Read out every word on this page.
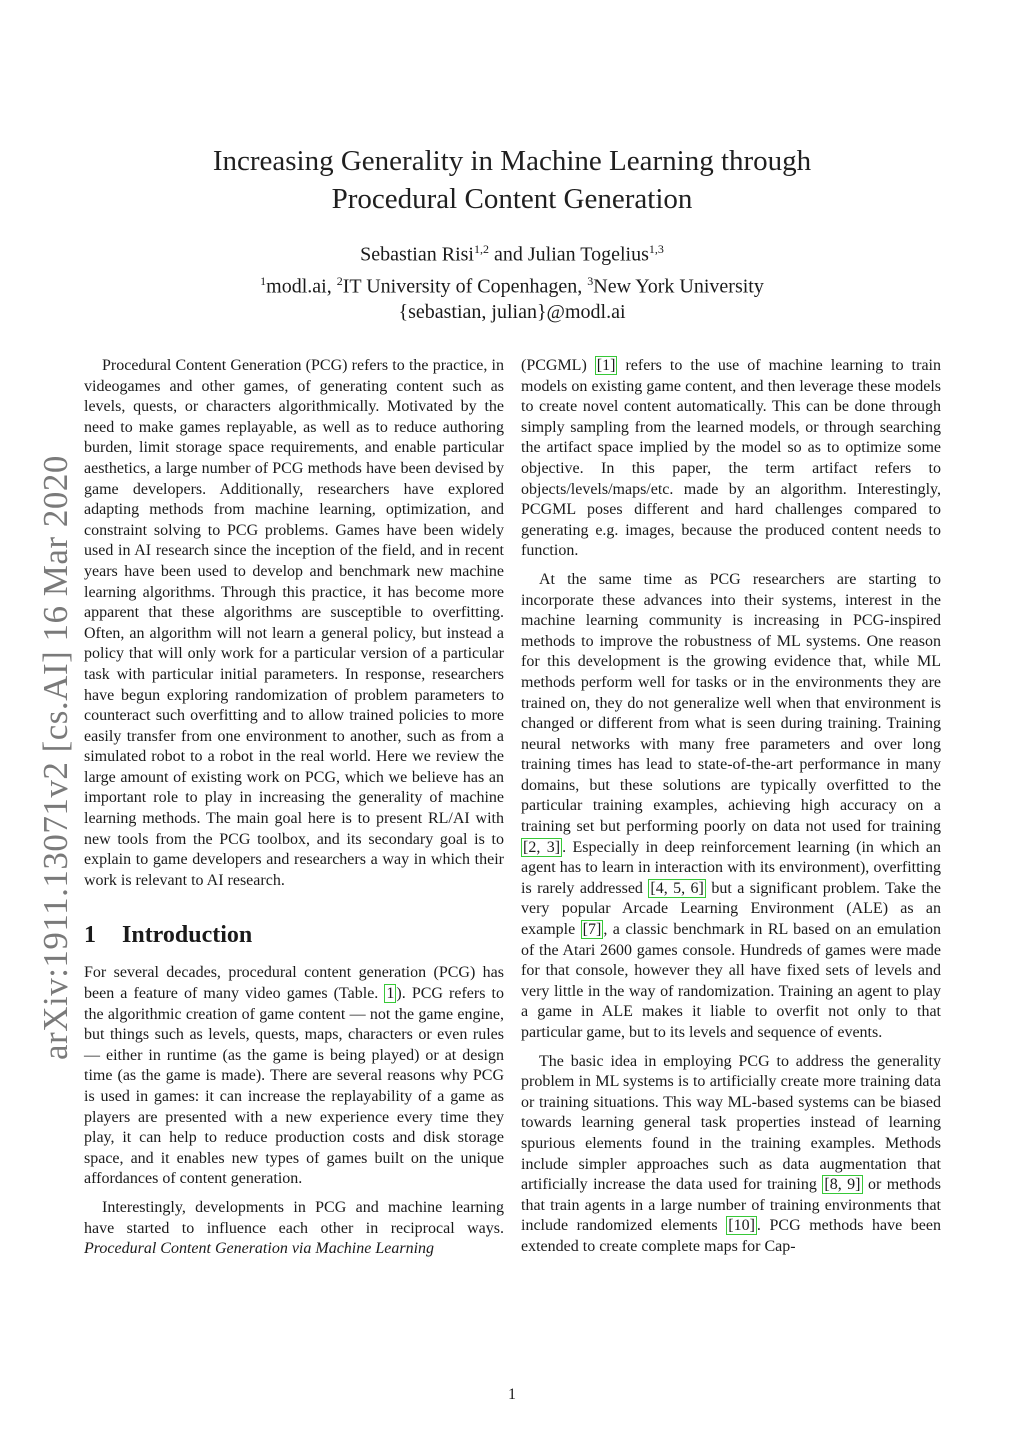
arXiv:1911.13071v2 [cs.AI] 16 Mar 2020
Increasing Generality in Machine Learning through
Procedural Content Generation
Sebastian Risi$^{1,2}$ and Julian Togelius$^{1,3}$
$^1$modl.ai, $^2$IT University of Copenhagen, $^3$New York University
{sebastian, julian}@modl.ai

Procedural Content Generation (PCG) refers to the practice, in videogames and other games, of generating content such as levels, quests, or characters algorithmically. Motivated by the need to make games replayable, as well as to reduce authoring burden, limit storage space requirements, and enable particular aesthetics, a large number of PCG methods have been devised by game developers. Additionally, researchers have explored adapting methods from machine learning, optimization, and constraint solving to PCG problems. Games have been widely used in AI research since the inception of the field, and in recent years have been used to develop and benchmark new machine learning algorithms. Through this practice, it has become more apparent that these algorithms are susceptible to overfitting. Often, an algorithm will not learn a general policy, but instead a policy that will only work for a particular version of a particular task with particular initial parameters. In response, researchers have begun exploring randomization of problem parameters to counteract such overfitting and to allow trained policies to more easily transfer from one environment to another, such as from a simulated robot to a robot in the real world. Here we review the large amount of existing work on PCG, which we believe has an important role to play in increasing the generality of machine learning methods. The main goal here is to present RL/AI with new tools from the PCG toolbox, and its secondary goal is to explain to game developers and researchers a way in which their work is relevant to AI research.

1 Introduction

For several decades, procedural content generation (PCG) has been a feature of many video games (Table. 1 ). PCG refers to the algorithmic creation of game content — not the game engine, but things such as levels, quests, maps, characters or even rules — either in runtime (as the game is being played) or at design time (as the game is made). There are several reasons why PCG is used in games: it can increase the replayability of a game as players are presented with a new experience every time they play, it can help to reduce production costs and disk storage space, and it enables new types of games built on the unique affordances of content generation.

Interestingly, developments in PCG and machine learning have started to influence each other in reciprocal ways. Procedural Content Generation via Machine Learning

(PCGML) [1] refers to the use of machine learning to train models on existing game content, and then leverage these models to create novel content automatically. This can be done through simply sampling from the learned models, or through searching the artifact space implied by the model so as to optimize some objective. In this paper, the term artifact refers to objects/levels/maps/etc. made by an algorithm. Interestingly, PCGML poses different and hard challenges compared to generating e.g. images, because the produced content needs to function.

At the same time as PCG researchers are starting to incorporate these advances into their systems, interest in the machine learning community is increasing in PCG-inspired methods to improve the robustness of ML systems. One reason for this development is the growing evidence that, while ML methods perform well for tasks or in the environments they are trained on, they do not generalize well when that environment is changed or different from what is seen during training. Training neural networks with many free parameters and over long training times has lead to state-of-the-art performance in many domains, but these solutions are typically overfitted to the particular training examples, achieving high accuracy on a training set but performing poorly on data not used for training [2, 3] . Especially in deep reinforcement learning (in which an agent has to learn in interaction with its environment), overfitting is rarely addressed [4, 5, 6] but a significant problem. Take the very popular Arcade Learning Environment (ALE) as an example [7] , a classic benchmark in RL based on an emulation of the Atari 2600 games console. Hundreds of games were made for that console, however they all have fixed sets of levels and very little in the way of randomization. Training an agent to play a game in ALE makes it liable to overfit not only to that particular game, but to its levels and sequence of events.

The basic idea in employing PCG to address the generality problem in ML systems is to artificially create more training data or training situations. This way ML-based systems can be biased towards learning general task properties instead of learning spurious elements found in the training examples. Methods include simpler approaches such as data augmentation that artificially increase the data used for training [8, 9] or methods that train agents in a large number of training environments that include randomized elements [10] . PCG methods have been extended to create complete maps for Cap-

1
